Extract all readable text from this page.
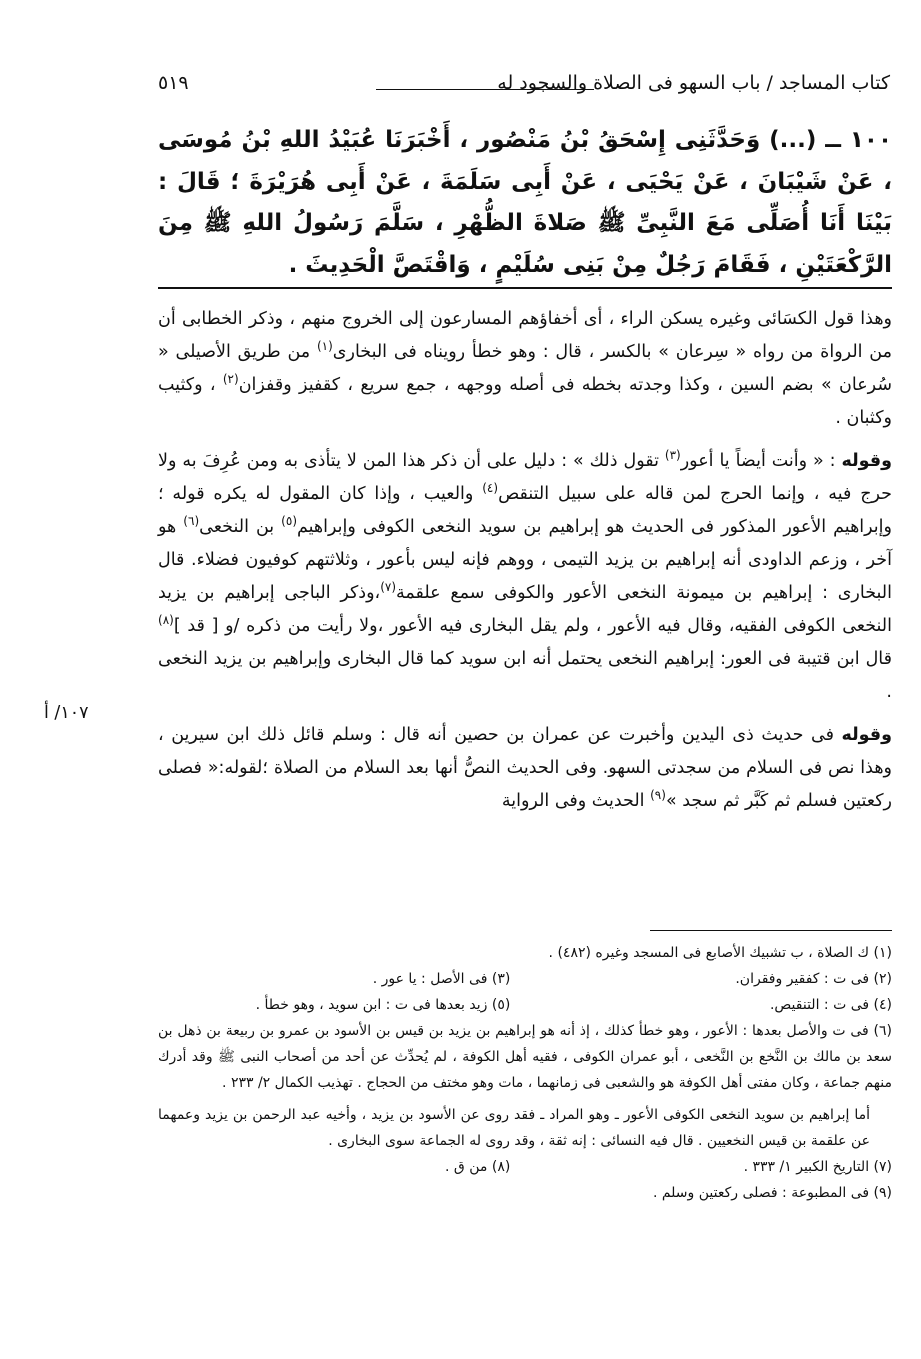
كتاب المساجد / باب السهو فى الصلاة والسجود له
٥١٩
١٠٠ ــ (...) وَحَدَّثَنِى إِسْحَقُ بْنُ مَنْصُور ، أَخْبَرَنَا عُبَيْدُ اللهِ بْنُ مُوسَى ، عَنْ شَيْبَانَ ، عَنْ يَحْيَى ، عَنْ أَبِى سَلَمَةَ ، عَنْ أَبِى هُرَيْرَةَ ؛ قَالَ : بَيْنَا أَنَا أُصَلِّى مَعَ النَّبِىِّ ﷺ صَلاةَ الظُّهْرِ ، سَلَّمَ رَسُولُ اللهِ ﷺ مِنَ الرَّكْعَتَيْنِ ، فَقَامَ رَجُلٌ مِنْ بَنِى سُلَيْمٍ ، وَاقْتَصَّ الْحَدِيثَ .

وهذا قول الكسَائى وغيره يسكن الراء ، أى أخفاؤهم المسارعون إلى الخروج منهم ، وذكر الخطابى أن من الرواة من رواه « سِرعان » بالكسر ، قال : وهو خطأ رويناه فى البخارى$^{(١)}$ من طريق الأصيلى « سُرعان » بضم السين ، وكذا وجدته بخطه فى أصله ووجهه ، جمع سريع ، كقفيز وقفزان$^{(٢)}$ ، وكثيب وكثبان .

وقوله : « وأنت أيضاً يا أعور$^{(٣)}$ تقول ذلك » : دليل على أن ذكر هذا المن لا يتأذى به ومن عُرِفَ به ولا حرج فيه ، وإنما الحرج لمن قاله على سبيل التنقص$^{(٤)}$ والعيب ، وإذا كان المقول له يكره قوله ؛ وإبراهيم الأعور المذكور فى الحديث هو إبراهيم بن سويد النخعى الكوفى وإبراهيم$^{(٥)}$ بن النخعى$^{(٦)}$ هو آخر ، وزعم الداودى أنه إبراهيم بن يزيد التيمى ، ووهم فإنه ليس بأعور ، وثلاثتهم كوفيون فضلاء. قال البخارى : إبراهيم بن ميمونة النخعى الأعور والكوفى سمع علقمة$^{(٧)}$،وذكر الباجى إبراهيم بن يزيد النخعى الكوفى الفقيه، وقال فيه الأعور ، ولم يقل البخارى فيه الأعور ،ولا رأيت من ذكره /و [ قد ]$^{(٨)}$ قال ابن قتيبة فى العور: إبراهيم النخعى يحتمل أنه ابن سويد كما قال البخارى وإبراهيم بن يزيد النخعى .

وقوله فى حديث ذى اليدين وأخبرت عن عمران بن حصين أنه قال : وسلم قائل ذلك ابن سيرين ، وهذا نص فى السلام من سجدتى السهو. وفى الحديث النصُّ أنها بعد السلام من الصلاة ؛لقوله:« فصلى ركعتين فسلم ثم كَبَّر ثم سجد »$^{(٩)}$ الحديث وفى الرواية

١٠٧/ أ
(١) ك الصلاة ، ب تشبيك الأصابع فى المسجد وغيره (٤٨٢) .
(٢) فى ت : كفقير وفقران.
(٣) فى الأصل : يا عور .
(٤) فى ت : التنقيص.
(٥) زيد بعدها فى ت : ابن سويد ، وهو خطأ .
(٦) فى ت والأصل بعدها : الأعور ، وهو خطأ كذلك ، إذ أنه هو إبراهيم بن يزيد بن قيس بن الأسود بن عمرو بن ربيعة بن ذهل بن سعد بن مالك بن النَّخع بن النَّخعى ، أبو عمران الكوفى ، فقيه أهل الكوفة ، لم يُحدِّث عن أحد من أصحاب النبى ﷺ وقد أدرك منهم جماعة ، وكان مفتى أهل الكوفة هو والشعبى فى زمانهما ، مات وهو مختف من الحجاج . تهذيب الكمال ٢/ ٢٣٣ .
أما إبراهيم بن سويد النخعى الكوفى الأعور ـ وهو المراد ـ فقد روى عن الأسود بن يزيد ، وأخيه عبد الرحمن بن يزيد وعمهما عن علقمة بن قيس النخعيين . قال فيه النسائى : إنه ثقة ، وقد روى له الجماعة سوى البخارى .
(٧) التاريخ الكبير ١/ ٣٣٣ .
(٨) من ق .
(٩) فى المطبوعة : فصلى ركعتين وسلم .
